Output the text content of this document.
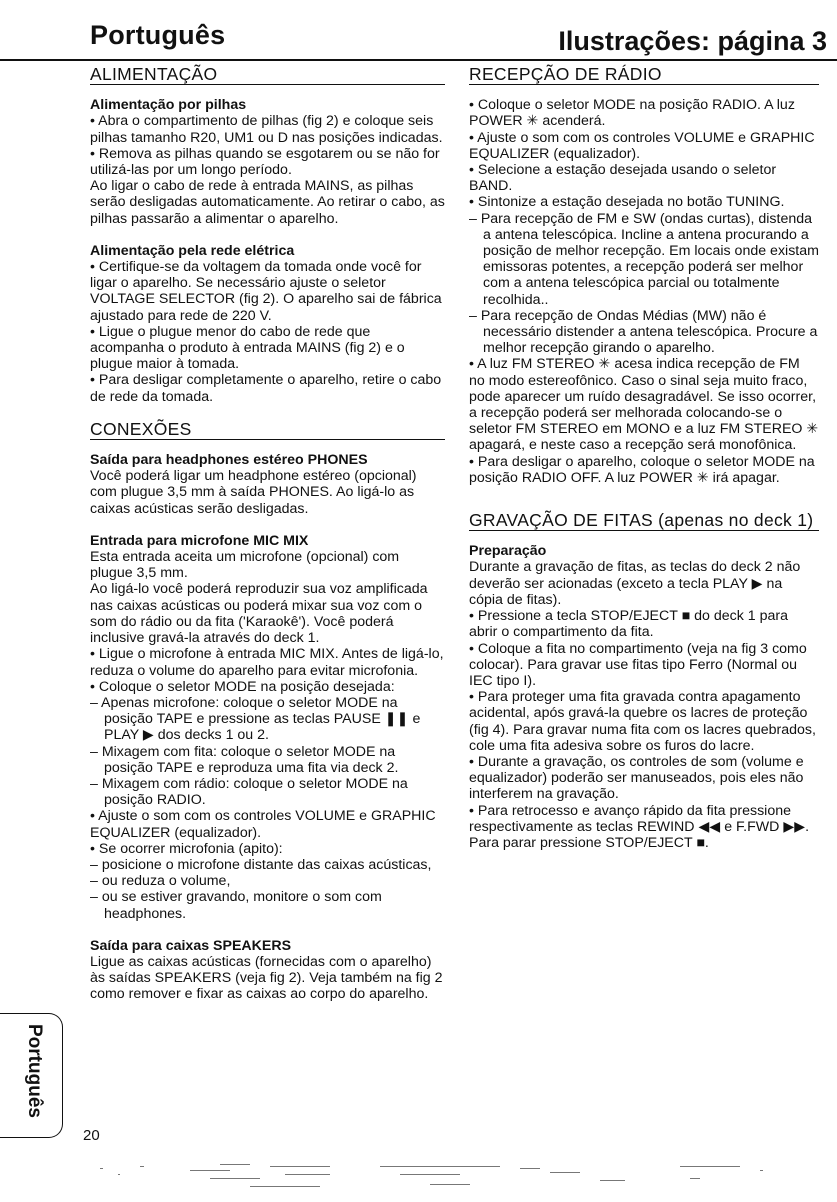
Português	Ilustrações: página 3
ALIMENTAÇÃO

Alimentação por pilhas

• Abra o compartimento de pilhas (fig 2) e coloque seis pilhas tamanho R20, UM1 ou D nas posições indicadas.

• Remova as pilhas quando se esgotarem ou se não for utilizá-las por um longo período.

Ao ligar o cabo de rede à entrada MAINS, as pilhas serão desligadas automaticamente. Ao retirar o cabo, as pilhas passarão a alimentar o aparelho.

Alimentação pela rede elétrica

• Certifique-se da voltagem da tomada onde você for ligar o aparelho. Se necessário ajuste o seletor VOLTAGE SELECTOR (fig 2). O aparelho sai de fábrica ajustado para rede de 220 V.

• Ligue o plugue menor do cabo de rede que acompanha o produto à entrada MAINS (fig 2) e o plugue maior à tomada.

• Para desligar completamente o aparelho, retire o cabo de rede da tomada.

CONEXÕES

Saída para headphones estéreo PHONES

Você poderá ligar um headphone estéreo (opcional) com plugue 3,5 mm à saída PHONES. Ao ligá-lo as caixas acústicas serão desligadas.

Entrada para microfone MIC MIX

Esta entrada aceita um microfone (opcional) com plugue 3,5 mm.

Ao ligá-lo você poderá reproduzir sua voz amplificada nas caixas acústicas ou poderá mixar sua voz com o som do rádio ou da fita ('Karaokê'). Você poderá inclusive gravá-la através do deck 1.

• Ligue o microfone à entrada MIC MIX. Antes de ligá-lo, reduza o volume do aparelho para evitar microfonia.

• Coloque o seletor MODE na posição desejada:

– Apenas microfone: coloque o seletor MODE na posição TAPE e pressione as teclas PAUSE ❚❚ e PLAY ▶ dos decks 1 ou 2.

– Mixagem com fita: coloque o seletor MODE na posição TAPE e reproduza uma fita via deck 2.

– Mixagem com rádio: coloque o seletor MODE na posição RADIO.

• Ajuste o som com os controles VOLUME e GRAPHIC EQUALIZER (equalizador).

• Se ocorrer microfonia (apito):

– posicione o microfone distante das caixas acústicas,

– ou reduza o volume,

– ou se estiver gravando, monitore o som com headphones.

Saída para caixas SPEAKERS

Ligue as caixas acústicas (fornecidas com o aparelho) às saídas SPEAKERS (veja fig 2). Veja também na fig 2 como remover e fixar as caixas ao corpo do aparelho.

RECEPÇÃO DE RÁDIO

• Coloque o seletor MODE na posição RADIO. A luz POWER ✳ acenderá.

• Ajuste o som com os controles VOLUME e GRAPHIC EQUALIZER (equalizador).

• Selecione a estação desejada usando o seletor BAND.

• Sintonize a estação desejada no botão TUNING.

– Para recepção de FM e SW (ondas curtas), distenda a antena telescópica. Incline a antena procurando a posição de melhor recepção. Em locais onde existam emissoras potentes, a recepção poderá ser melhor com a antena telescópica parcial ou totalmente recolhida..

– Para recepção de Ondas Médias (MW) não é necessário distender a antena telescópica. Procure a melhor recepção girando o aparelho.

• A luz FM STEREO ✳ acesa indica recepção de FM no modo estereofônico. Caso o sinal seja muito fraco, pode aparecer um ruído desagradável. Se isso ocorrer, a recepção poderá ser melhorada colocando-se o seletor FM STEREO em MONO e a luz FM STEREO ✳ apagará, e neste caso a recepção será monofônica.

• Para desligar o aparelho, coloque o seletor MODE na posição RADIO OFF. A luz POWER ✳ irá apagar.

GRAVAÇÃO DE FITAS (apenas no deck 1)

Preparação

Durante a gravação de fitas, as teclas do deck 2 não deverão ser acionadas (exceto a tecla PLAY ▶ na cópia de fitas).

• Pressione a tecla STOP/EJECT ■ do deck 1 para abrir o compartimento da fita.

• Coloque a fita no compartimento (veja na fig 3 como colocar). Para gravar use fitas tipo Ferro (Normal ou IEC tipo I).

• Para proteger uma fita gravada contra apagamento acidental, após gravá-la quebre os lacres de proteção (fig 4). Para gravar numa fita com os lacres quebrados, cole uma fita adesiva sobre os furos do lacre.

• Durante a gravação, os controles de som (volume e equalizador) poderão ser manuseados, pois eles não interferem na gravação.

• Para retrocesso e avanço rápido da fita pressione respectivamente as teclas REWIND ◀◀ e F.FWD ▶▶. Para parar pressione STOP/EJECT ■.

Português
20
